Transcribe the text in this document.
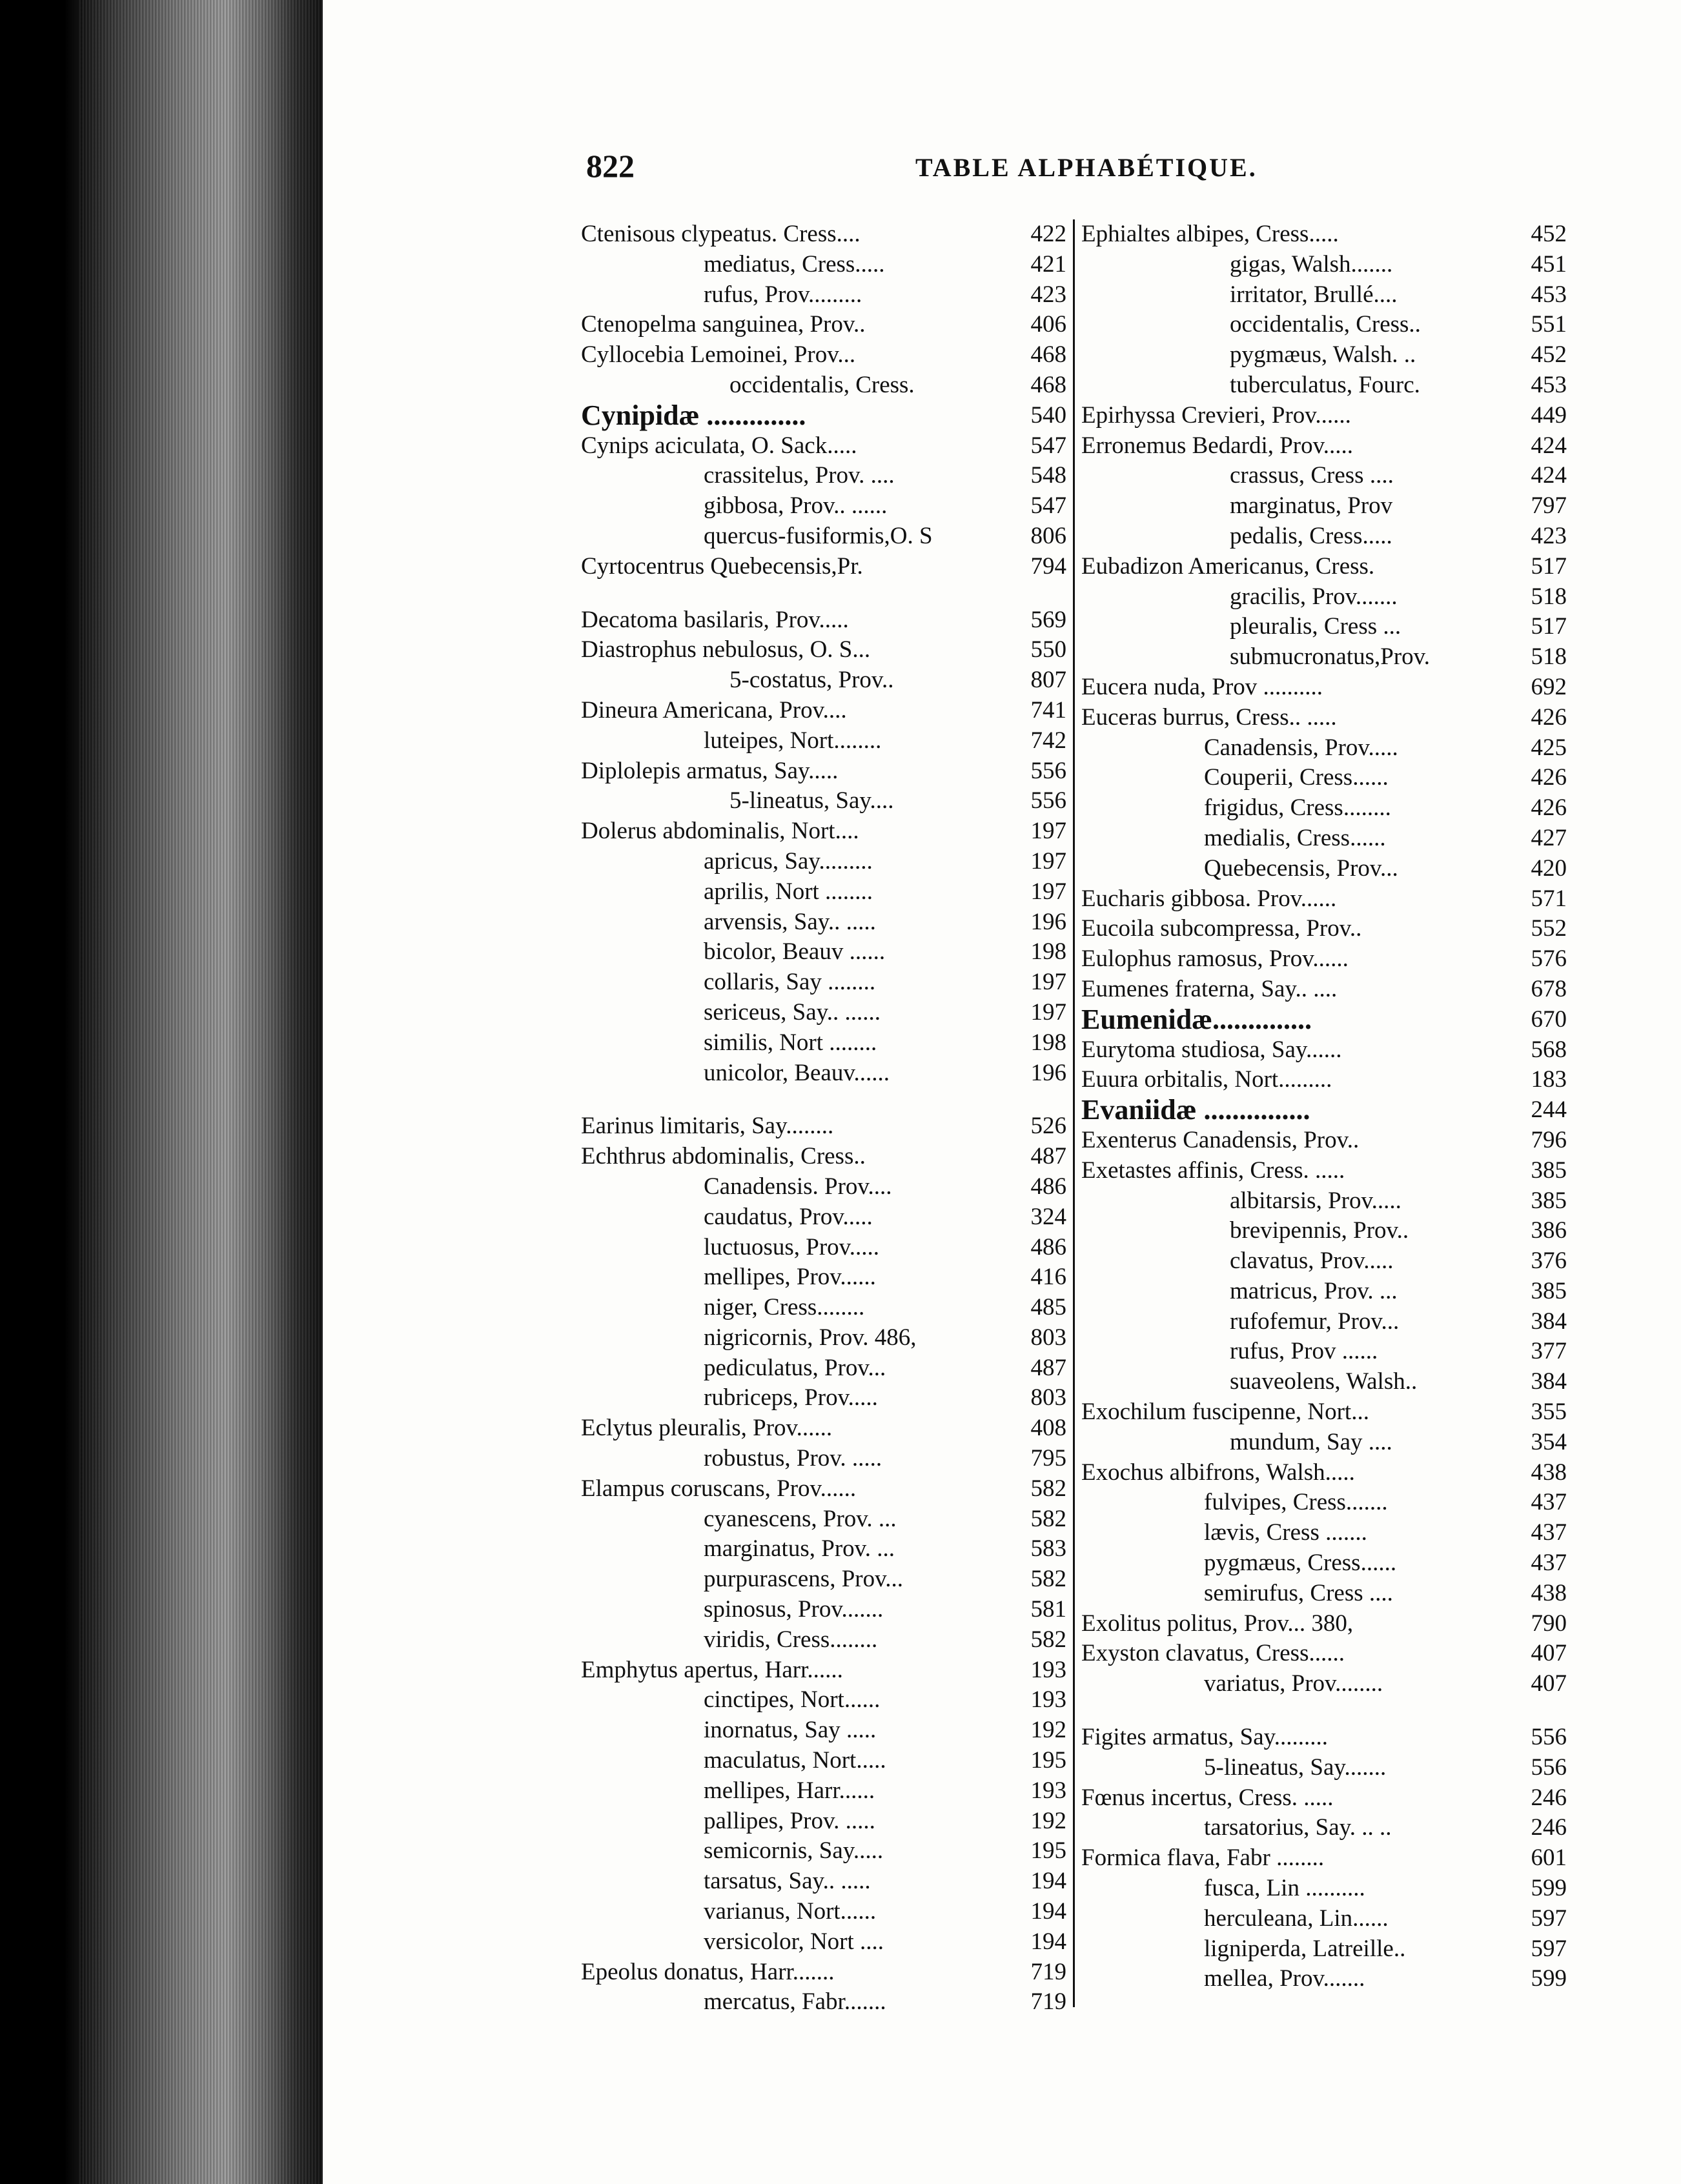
822	TABLE ALPHABÉTIQUE.
Ctenisous clypeatus. Cress....	422
mediatus, Cress.....	421
rufus, Prov.........	423
Ctenopelma sanguinea, Prov..	406
Cyllocebia Lemoinei, Prov...	468
occidentalis, Cress.	468
Cynipidæ ..............	540
Cynips aciculata, O. Sack.....	547
crassitelus, Prov. ....	548
gibbosa, Prov.. ......	547
quercus-fusiformis,O. S	806
Cyrtocentrus Quebecensis,Pr.	794
Decatoma basilaris, Prov.....	569
Diastrophus nebulosus, O. S...	550
5-costatus, Prov..	807
Dineura Americana, Prov....	741
luteipes, Nort........	742
Diplolepis armatus, Say.....	556
5-lineatus, Say....	556
Dolerus abdominalis, Nort....	197
apricus, Say.........	197
aprilis, Nort ........	197
arvensis, Say.. .....	196
bicolor, Beauv ......	198
collaris, Say ........	197
sericeus, Say.. ......	197
similis, Nort ........	198
unicolor, Beauv......	196
Earinus limitaris, Say........	526
Echthrus abdominalis, Cress..	487
Canadensis. Prov....	486
caudatus, Prov.....	324
luctuosus, Prov.....	486
mellipes, Prov......	416
niger, Cress........	485
nigricornis, Prov. 486,	803
pediculatus, Prov...	487
rubriceps, Prov.....	803
Eclytus pleuralis, Prov......	408
robustus, Prov. .....	795
Elampus coruscans, Prov......	582
cyanescens, Prov. ...	582
marginatus, Prov. ...	583
purpurascens, Prov...	582
spinosus, Prov.......	581
viridis, Cress........	582
Emphytus apertus, Harr......	193
cinctipes, Nort......	193
inornatus, Say .....	192
maculatus, Nort.....	195
mellipes, Harr......	193
pallipes, Prov. .....	192
semicornis, Say.....	195
tarsatus, Say.. .....	194
varianus, Nort......	194
versicolor, Nort ....	194
Epeolus donatus, Harr.......	719
mercatus, Fabr.......	719
Ephialtes albipes, Cress.....	452
gigas, Walsh.......	451
irritator, Brullé....	453
occidentalis, Cress..	551
pygmæus, Walsh. ..	452
tuberculatus, Fourc.	453
Epirhyssa Crevieri, Prov......	449
Erronemus Bedardi, Prov.....	424
crassus, Cress ....	424
marginatus, Prov	797
pedalis, Cress.....	423
Eubadizon Americanus, Cress.	517
gracilis, Prov.......	518
pleuralis, Cress ...	517
submucronatus,Prov.	518
Eucera nuda, Prov ..........	692
Euceras burrus, Cress.. .....	426
Canadensis, Prov.....	425
Couperii, Cress......	426
frigidus, Cress........	426
medialis, Cress......	427
Quebecensis, Prov...	420
Eucharis gibbosa. Prov......	571
Eucoila subcompressa, Prov..	552
Eulophus ramosus, Prov......	576
Eumenes fraterna, Say.. ....	678
Eumenidæ..............	670
Eurytoma studiosa, Say......	568
Euura orbitalis, Nort.........	183
Evaniidæ ...............	244
Exenterus Canadensis, Prov..	796
Exetastes affinis, Cress. .....	385
albitarsis, Prov.....	385
brevipennis, Prov..	386
clavatus, Prov.....	376
matricus, Prov. ...	385
rufofemur, Prov...	384
rufus, Prov ......	377
suaveolens, Walsh..	384
Exochilum fuscipenne, Nort...	355
mundum, Say ....	354
Exochus albifrons, Walsh.....	438
fulvipes, Cress.......	437
lævis, Cress .......	437
pygmæus, Cress......	437
semirufus, Cress ....	438
Exolitus politus, Prov... 380,	790
Exyston clavatus, Cress......	407
variatus, Prov........	407
Figites armatus, Say.........	556
5-lineatus, Say.......	556
Fœnus incertus, Cress. .....	246
tarsatorius, Say. .. ..	246
Formica flava, Fabr ........	601
fusca, Lin ..........	599
herculeana, Lin......	597
ligniperda, Latreille..	597
mellea, Prov.......	599
